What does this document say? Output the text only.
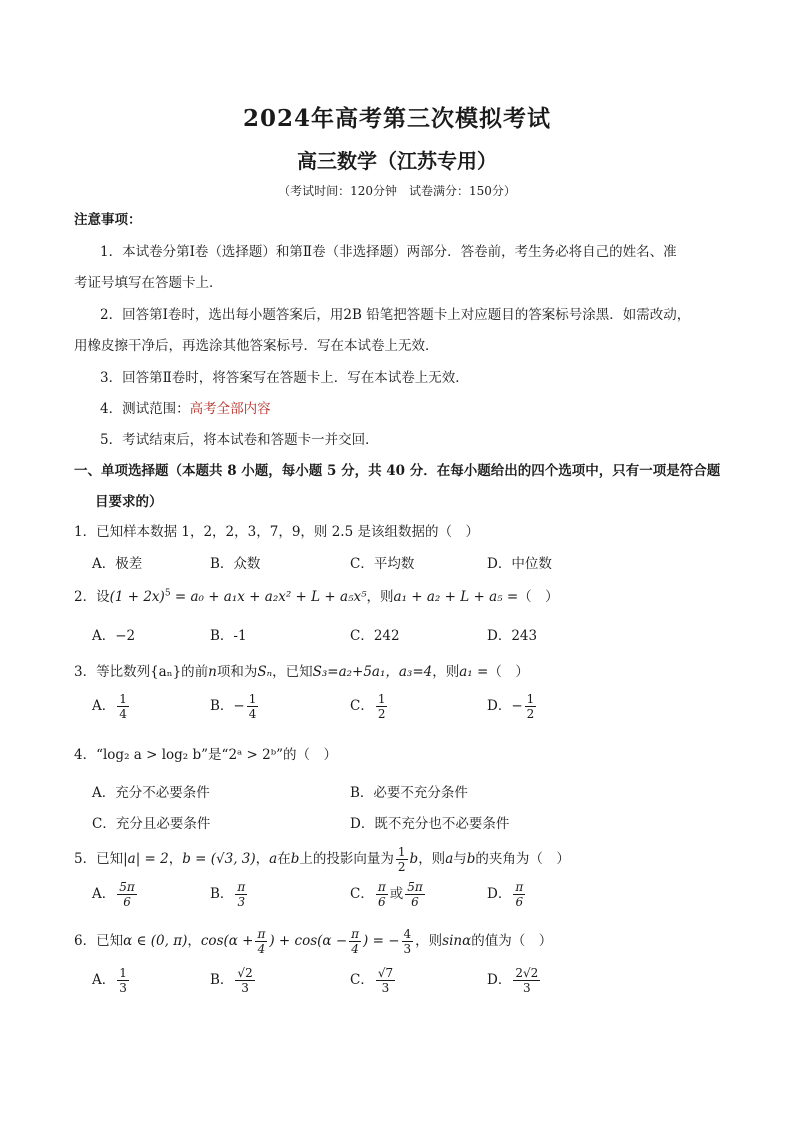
2024年高考第三次模拟考试
高三数学（江苏专用）
（考试时间：120分钟　试卷满分：150分）
注意事项：
1．本试卷分第Ⅰ卷（选择题）和第Ⅱ卷（非选择题）两部分．答卷前，考生务必将自己的姓名、准
考证号填写在答题卡上．
2．回答第Ⅰ卷时，选出每小题答案后，用2B 铅笔把答题卡上对应题目的答案标号涂黑．如需改动，
用橡皮擦干净后，再选涂其他答案标号．写在本试卷上无效．
3．回答第Ⅱ卷时，将答案写在答题卡上．写在本试卷上无效．
4．测试范围：高考全部内容
5．考试结束后，将本试卷和答题卡一并交回．
一、单项选择题（本题共 8 小题，每小题 5 分，共 40 分．在每小题给出的四个选项中，只有一项是符合题
目要求的）
1．已知样本数据 1，2，2，3，7，9，则 2.5 是该组数据的（　）
A．极差	B．众数	C．平均数	D．中位数
2．设$(1 + 2x)^5 = a_0 + a_1x + a_2x^2 + L + a_5x^5$，则a₁ + a₂ + L + a₅ =（　）
A．−2	B．-1	C．242	D．243
3．等比数列{aₙ}的前n项和为Sₙ，已知S₃=a₂+5a₁，a₃=4，则a₁ =（　）
A． $\frac{1}{4}$	B．− $\frac{1}{4}$	C． $\frac{1}{2}$	D．− $\frac{1}{2}$
4．“log₂ a > log₂ b”是“2ᵃ > 2ᵇ”的（　）
A．充分不必要条件	B．必要不充分条件
C．充分且必要条件	D．既不充分也不必要条件
5．已知|a| = 2，b = (√3, 3)，a在b上的投影向量为 $\frac{1}{2}$ b，则a与b的夹角为（　）
A． $\frac{5\pi}{6}$	B． $\frac{\pi}{3}$	C． $\frac{\pi}{6}$ 或 $\frac{5\pi}{6}$	D． $\frac{\pi}{6}$
6．已知α ∈ (0, π)，$\cos(\alpha + \frac{\pi}{4}$ ) + $\cos(\alpha - \frac{\pi}{4}$ ) = − $\frac{4}{3}$ ，则sinα的值为（　）
A． $\frac{1}{3}$	B． $\frac{√2}{3}$	C． $\frac{√7}{3}$	D． $\frac{2√2}{3}$
